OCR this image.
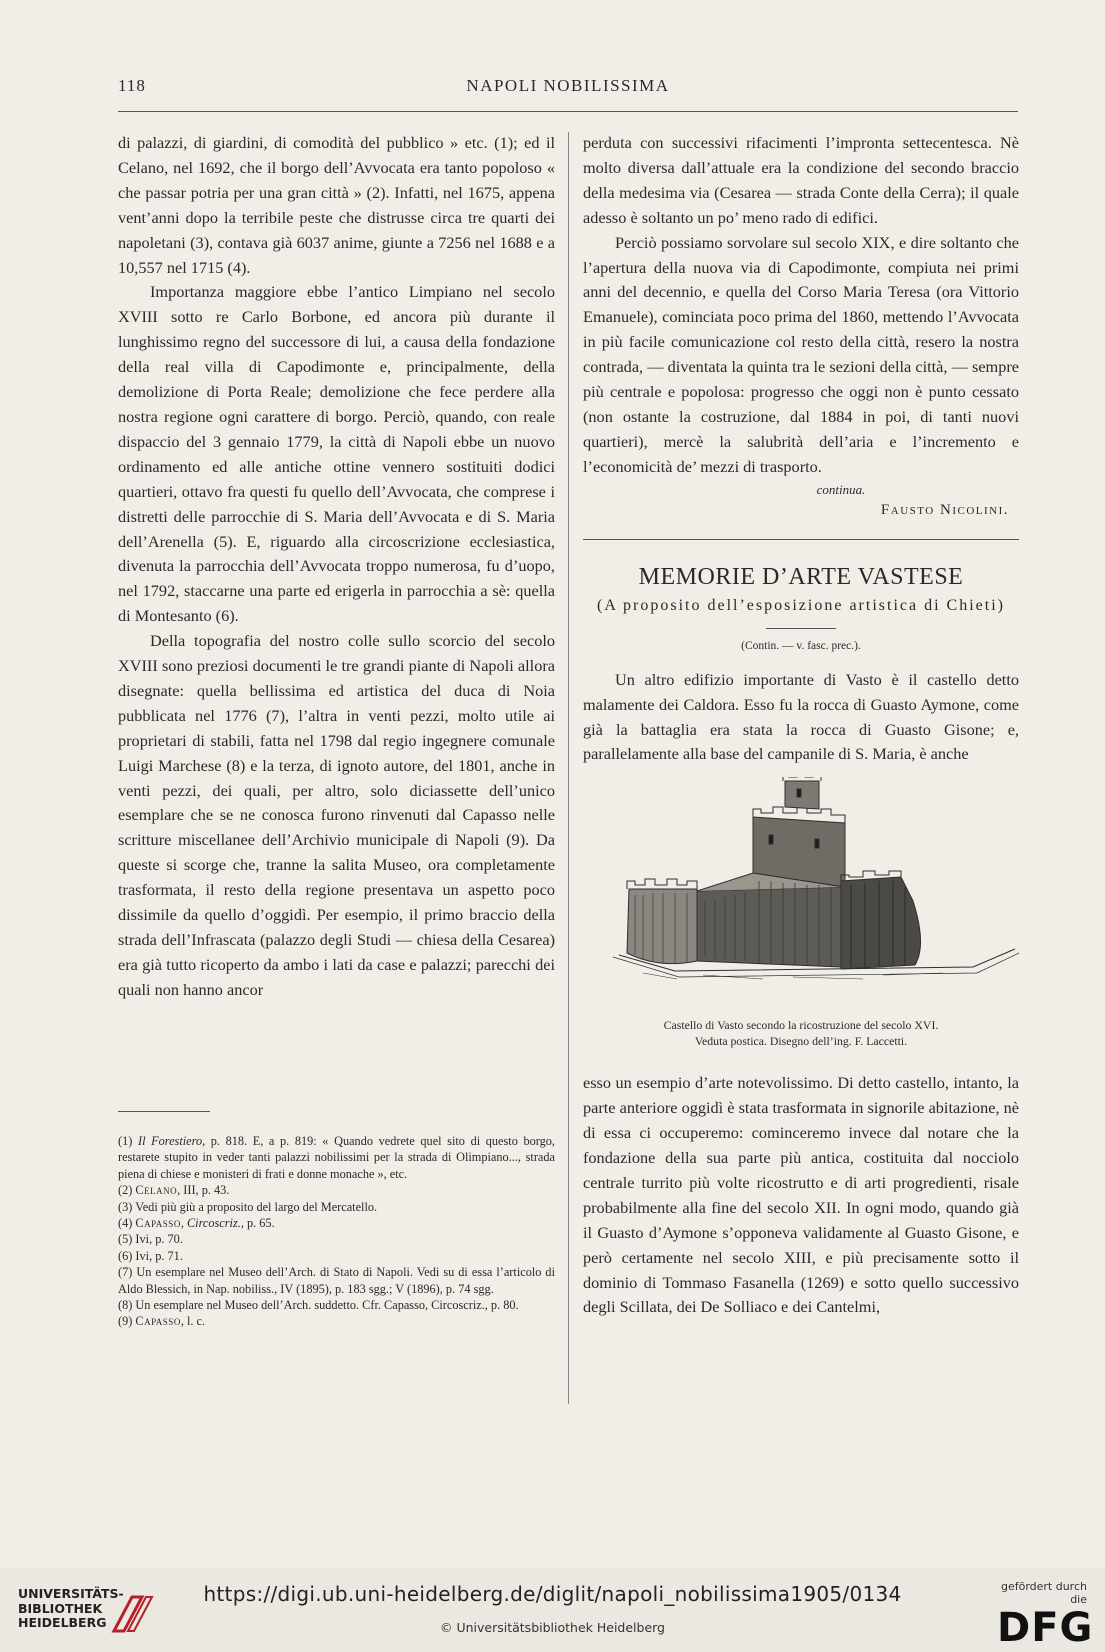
118	NAPOLI NOBILISSIMA

di palazzi, di giardini, di comodità del pubblico » etc. (1); ed il Celano, nel 1692, che il borgo dell’Avvocata era tanto popoloso « che passar potria per una gran città » (2). Infatti, nel 1675, appena vent’anni dopo la terribile peste che distrusse circa tre quarti dei napoletani (3), contava già 6037 anime, giunte a 7256 nel 1688 e a 10,557 nel 1715 (4).

Importanza maggiore ebbe l’antico Limpiano nel secolo XVIII sotto re Carlo Borbone, ed ancora più durante il lunghissimo regno del successore di lui, a causa della fondazione della real villa di Capodimonte e, principalmente, della demolizione di Porta Reale; demolizione che fece perdere alla nostra regione ogni carattere di borgo. Perciò, quando, con reale dispaccio del 3 gennaio 1779, la città di Napoli ebbe un nuovo ordinamento ed alle antiche ottine vennero sostituiti dodici quartieri, ottavo fra questi fu quello dell’Avvocata, che comprese i distretti delle parrocchie di S. Maria dell’Avvocata e di S. Maria dell’Arenella (5). E, riguardo alla circoscrizione ecclesiastica, divenuta la parrocchia dell’Avvocata troppo numerosa, fu d’uopo, nel 1792, staccarne una parte ed erigerla in parrocchia a sè: quella di Montesanto (6).

Della topografia del nostro colle sullo scorcio del secolo XVIII sono preziosi documenti le tre grandi piante di Napoli allora disegnate: quella bellissima ed artistica del duca di Noia pubblicata nel 1776 (7), l’altra in venti pezzi, molto utile ai proprietari di stabili, fatta nel 1798 dal regio ingegnere comunale Luigi Marchese (8) e la terza, di ignoto autore, del 1801, anche in venti pezzi, dei quali, per altro, solo diciassette dell’unico esemplare che se ne conosca furono rinvenuti dal Capasso nelle scritture miscellanee dell’Archivio municipale di Napoli (9). Da queste si scorge che, tranne la salita Museo, ora completamente trasformata, il resto della regione presentava un aspetto poco dissimile da quello d’oggidì. Per esempio, il primo braccio della strada dell’Infrascata (palazzo degli Studi — chiesa della Cesarea) era già tutto ricoperto da ambo i lati da case e palazzi; parecchi dei quali non hanno ancor

perduta con successivi rifacimenti l’impronta settecentesca. Nè molto diversa dall’attuale era la condizione del secondo braccio della medesima via (Cesarea — strada Conte della Cerra); il quale adesso è soltanto un po’ meno rado di edifici.

Perciò possiamo sorvolare sul secolo XIX, e dire soltanto che l’apertura della nuova via di Capodimonte, compiuta nei primi anni del decennio, e quella del Corso Maria Teresa (ora Vittorio Emanuele), cominciata poco prima del 1860, mettendo l’Avvocata in più facile comunicazione col resto della città, resero la nostra contrada, — diventata la quinta tra le sezioni della città, — sempre più centrale e popolosa: progresso che oggi non è punto cessato (non ostante la costruzione, dal 1884 in poi, di tanti nuovi quartieri), mercè la salubrità dell’aria e l’incremento e l’economicità de’ mezzi di trasporto.

continua.
Fausto Nicolini.
MEMORIE D’ARTE VASTESE
(A proposito dell’esposizione artistica di Chieti)
(Contin. — v. fasc. prec.).

Un altro edifizio importante di Vasto è il castello detto malamente dei Caldora. Esso fu la rocca di Guasto Aymone, come già la battaglia era stata la rocca di Guasto Gisone; e, parallelamente alla base del campanile di S. Maria, è anche

Castello di Vasto secondo la ricostruzione del secolo XVI.
Veduta postica. Disegno dell’ing. F. Laccetti.

esso un esempio d’arte notevolissimo. Di detto castello, intanto, la parte anteriore oggidì è stata trasformata in signorile abitazione, nè di essa ci occuperemo: cominceremo invece dal notare che la fondazione della sua parte più antica, costituita dal nocciolo centrale turrito più volte ricostrutto e di arti progredienti, risale probabilmente alla fine del secolo XII. In ogni modo, quando già il Guasto d’Aymone s’opponeva validamente al Guasto Gisone, e però certamente nel secolo XIII, e più precisamente sotto il dominio di Tommaso Fasanella (1269) e sotto quello successivo degli Scillata, dei De Solliaco e dei Cantelmi,

(1) Il Forestiero, p. 818. E, a p. 819: « Quando vedrete quel sito di questo borgo, restarete stupito in veder tanti palazzi nobilissimi per la strada di Olimpiano..., strada piena di chiese e monisteri di frati e donne monache », etc.

(2) Celano, III, p. 43.

(3) Vedi più giù a proposito del largo del Mercatello.

(4) Capasso, Circoscriz., p. 65.

(5) Ivi, p. 70.

(6) Ivi, p. 71.

(7) Un esemplare nel Museo dell’Arch. di Stato di Napoli. Vedi su di essa l’articolo di Aldo Blessich, in Nap. nobiliss., IV (1895), p. 183 sgg.; V (1896), p. 74 sgg.

(8) Un esemplare nel Museo dell’Arch. suddetto. Cfr. Capasso, Circoscriz., p. 80.

(9) Capasso, l. c.

UNIVERSITÄTS-
BIBLIOTHEK
HEIDELBERG
https://digi.ub.uni-heidelberg.de/diglit/napoli_nobilissima1905/0134
© Universitätsbibliothek Heidelberg
gefördert durch die
DFG
